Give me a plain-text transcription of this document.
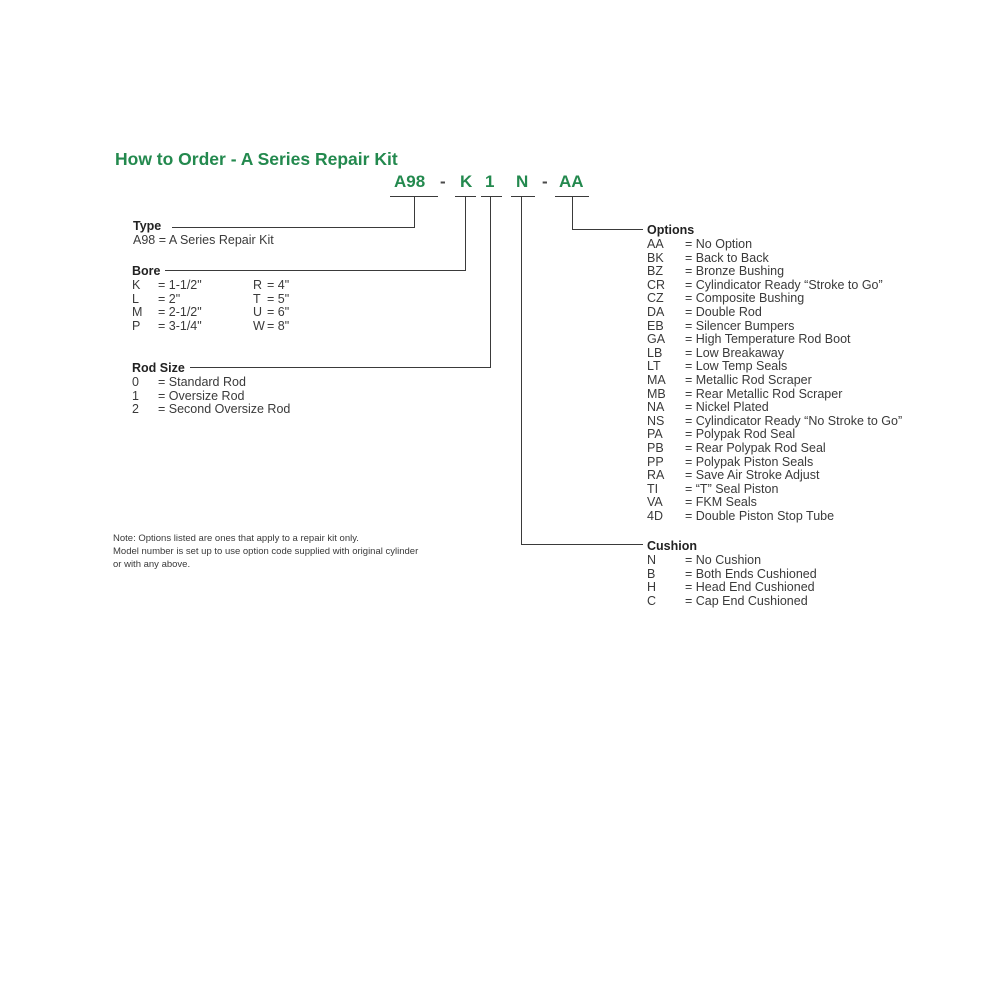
How to Order - A Series Repair Kit
A98 - K 1 N - AA
Type
A98
= A Series Repair Kit
Bore
K	= 1-1/2"	R = 4"
L	= 2"	T = 5"
M	= 2-1/2"	U = 6"
P	= 3-1/4"	W = 8"
Rod Size
0	= Standard Rod
1	= Oversize Rod
2	= Second Oversize Rod
Options
AA	= No Option
BK	= Back to Back
BZ	= Bronze Bushing
CR	= Cylindicator Ready “Stroke to Go”
CZ	= Composite Bushing
DA	= Double Rod
EB	= Silencer Bumpers
GA	= High Temperature Rod Boot
LB	= Low Breakaway
LT	= Low Temp Seals
MA	= Metallic Rod Scraper
MB	= Rear Metallic Rod Scraper
NA	= Nickel Plated
NS	= Cylindicator Ready “No Stroke to Go”
PA	= Polypak Rod Seal
PB	= Rear Polypak Rod Seal
PP	= Polypak Piston Seals
RA	= Save Air Stroke Adjust
TI	= “T” Seal Piston
VA	= FKM Seals
4D	= Double Piston Stop Tube
Cushion
N	= No Cushion
B	= Both Ends Cushioned
H	= Head End Cushioned
C	= Cap End Cushioned
Note: Options listed are ones that apply to a repair kit only.
Model number is set up to use option code supplied with original cylinder
or with any above.
